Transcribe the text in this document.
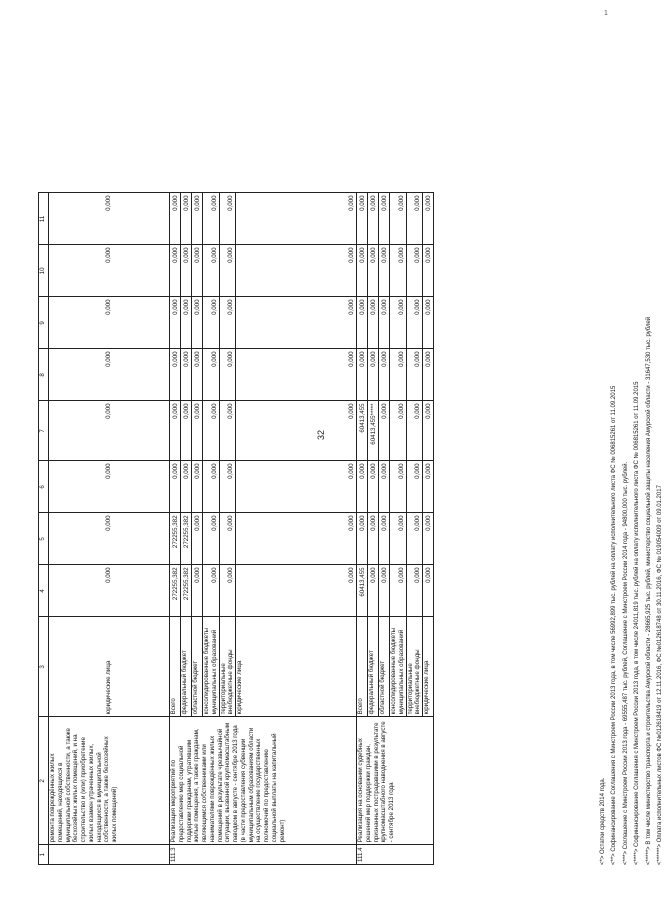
32
1
1	2	3	4	5	6	7	8	9	10	11
	ремонта повреждённых жилых помещений, находящихся в муниципальной собственности, а также бесхозяйных жилых помещений, и на строительство и (или) приобретение жилых взамен утраченных жилых, находящихся в муниципальной собственности, а также бесхозяйных жилых помещений)	юридические лица	0,000	0,000	0,000	0,000	0,000	0,000	0,000	0,000
111.3	Реализация мероприятий по предоставлению мер социальной поддержки гражданам, утратившим жилые помещения, а также гражданам, являющимся собственниками или нанимателями повреждённых жилых помещений в результате чрезвычайной ситуации, вызванной крупномасштабным паводком в августе - сентябре 2013 года (в части предоставления субвенции муниципальным образованиям области на осуществление государственных полномочий по предоставлению социальной выплаты на капитальный ремонт)	Всего	272255,382	272255,382	0,000	0,000	0,000	0,000	0,000	0,000
		федеральный бюджет	272255,382	272255,382	0,000	0,000	0,000	0,000	0,000	0,000
		областной бюджет	0,000	0,000	0,000	0,000	0,000	0,000	0,000	0,000
		консолидированные бюджеты муниципальных образований	0,000	0,000	0,000	0,000	0,000	0,000	0,000	0,000
		территориальные внебюджетные фонды	0,000	0,000	0,000	0,000	0,000	0,000	0,000	0,000
		юридические лица	0,000	0,000	0,000	0,000	0,000	0,000	0,000	0,000
111.4	Реализация на основании судебных решений мер поддержки граждан, признанных пострадавшими в результате крупномасштабного наводнения в августе - сентябре 2013 года	Всего	60413,455	0,000	0,000	60413,455	0,000	0,000	0,000	0,000
		федеральный бюджет	0,000	0,000	0,000	60413,455*****	0,000	0,000	0,000	0,000
		областной бюджет	0,000	0,000	0,000	0,000	0,000	0,000	0,000	0,000
		консолидированные бюджеты муниципальных образований	0,000	0,000	0,000	0,000	0,000	0,000	0,000	0,000
		территориальные внебюджетные фонды	0,000	0,000	0,000	0,000	0,000	0,000	0,000	0,000
		юридические лица	0,000	0,000	0,000	0,000	0,000	0,000	0,000	0,000
<*> Остатки средств 2014 года. <**> Софинансирование Соглашения с Минстроем России 2013 года, в том числе 56992,899 тыс. рублей на оплату исполнительного листа ФС № 006815261 от 11.09.2015 <***> Соглашение с Минстроем России 2013 года - 69555,487 тыс. рублей, Соглашение с Минстроем России 2014 года - 94800,000 тыс. рублей. <****> Софинансирование Соглашения с Минстроем России 2013 года, в том числе 24011,819 тыс. рублей на оплату исполнительного листа ФС № 006815261 от 11.09.2015 <*****> В том числе министерство транспорта и строительства Амурской области - 28665,925 тыс. рублей, министерство социальной защиты населения Амурской области - 31647,530 тыс. рублей <******> Оплата исполнительных листов ФС №012618419 от 12.11.2016, ФС №012618748 от 30.11.2016, ФС № 019054009 от 09.01.2017
